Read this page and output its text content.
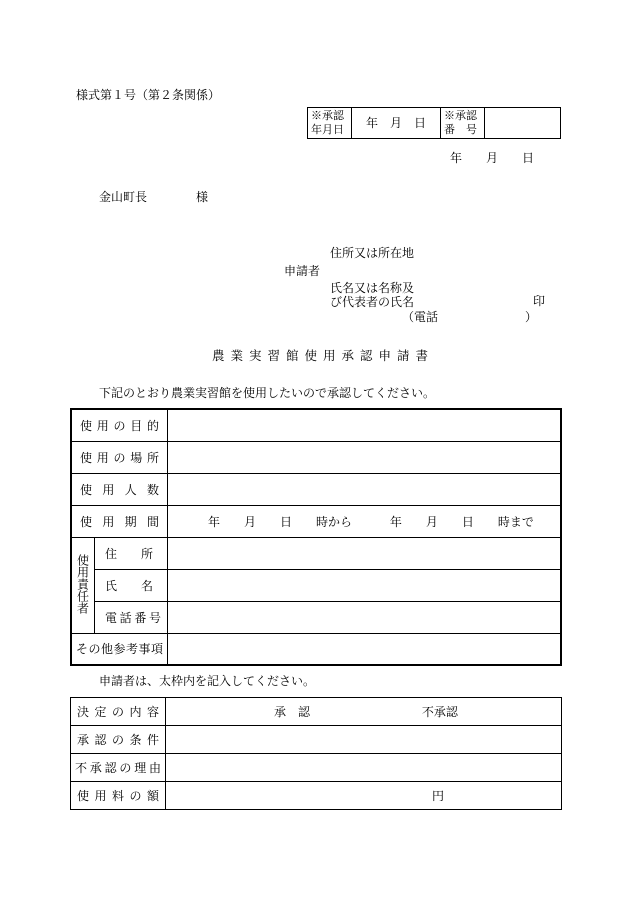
様式第１号（第２条関係）
※承認年月日	年　月　日	※承認番　号	
年　　月　　日
金山町長	様
住所又は所在地
申請者
氏名又は名称及
び代表者の氏名	印
（電話	）
農業実習館使用承認申請書
下記のとおり農業実習館を使用したいので承認してください。
使用の目的		

使用の場所		

使用人数		

使用期間		年　　月　　日　　時から 年　　月　　日　　時まで
使用責任者	住所	

	氏名	

	電話番号	

その他参考事項		

申請者は、太枠内を記入してください。
決定の内容	承　認 不承認

承認の条件	

不承認の理由	

使用料の額	円
